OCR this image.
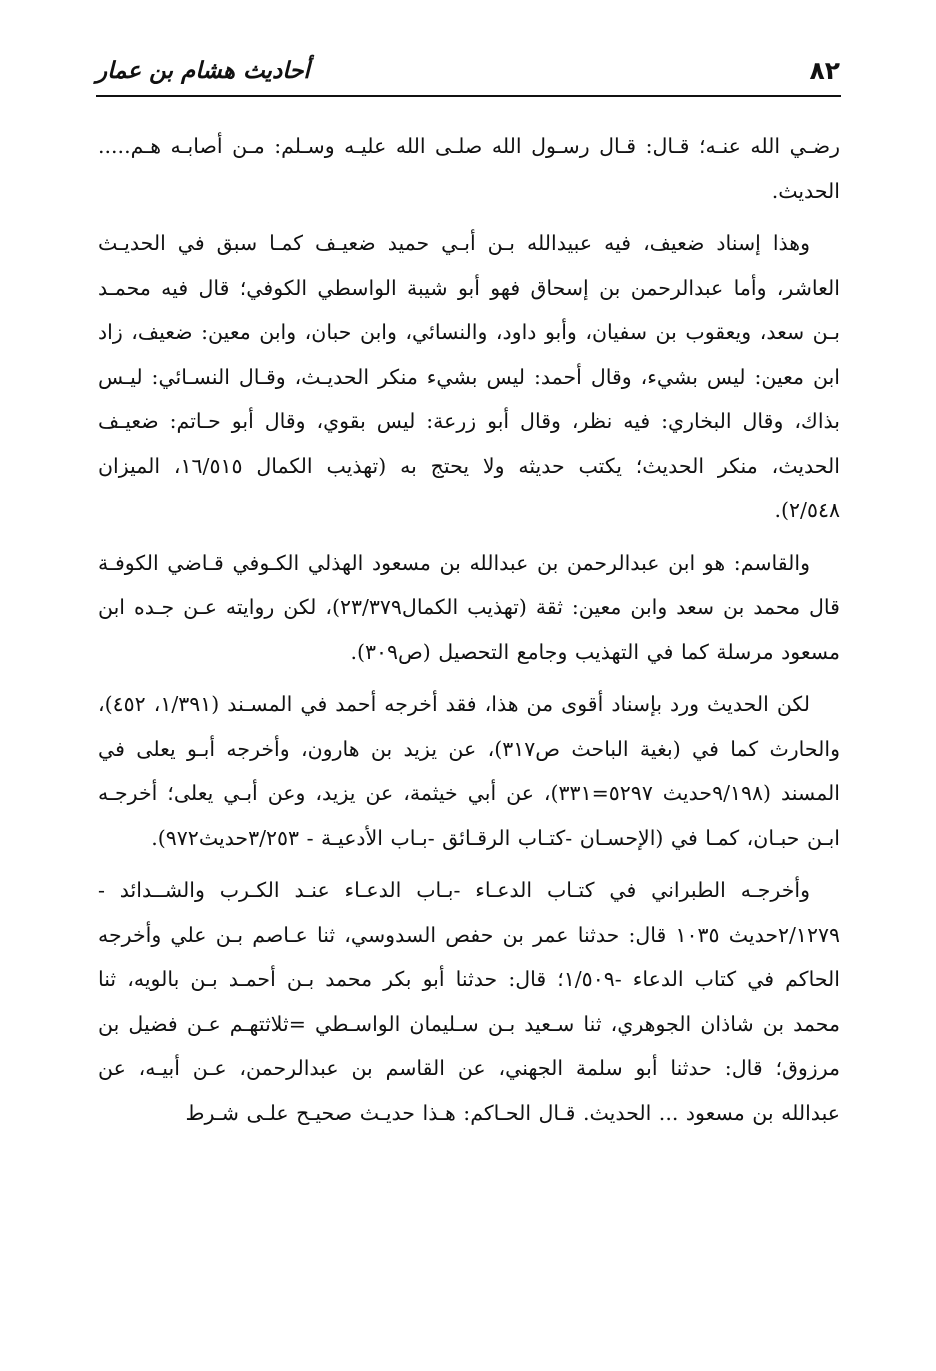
٨٢
أحاديث هشام بن عمار

رضـي الله عنـه؛ قـال: قـال رسـول الله صلـى الله عليـه وسـلم: مـن أصابـه هـم..... الحديث.

وهذا إسناد ضعيف، فيه عبيدالله بـن أبـي حميد ضعيـف كمـا سبق في الحديـث العاشر، وأما عبدالرحمن بن إسحاق فهو أبو شيبة الواسطي الكوفي؛ قال فيه محمـد بـن سعد، ويعقوب بن سفيان، وأبو داود، والنسائي، وابن حبان، وابن معين: ضعيف، زاد ابن معين: ليس بشيء، وقال أحمد: ليس بشيء منكر الحديـث، وقـال النسـائي: ليـس بذاك، وقال البخاري: فيه نظر، وقال أبو زرعة: ليس بقوي، وقال أبو حـاتم: ضعيـف الحديث، منكر الحديث؛ يكتب حديثه ولا يحتج به (تهذيب الكمال ١٦/٥١٥، الميزان ٢/٥٤٨).

والقاسم: هو ابن عبدالرحمن بن عبدالله بن مسعود الهذلي الكـوفي قـاضي الكوفـة قال محمد بن سعد وابن معين: ثقة (تهذيب الكمال٢٣/٣٧٩)، لكن روايته عـن جـده ابن مسعود مرسلة كما في التهذيب وجامع التحصيل (ص٣٠٩).

لكن الحديث ورد بإسناد أقوى من هذا، فقد أخرجه أحمد في المسـند (١/٣٩١، ٤٥٢)، والحارث كما في (بغية الباحث ص٣١٧)، عن يزيد بن هارون، وأخرجه أبـو يعلى في المسند (٩/١٩٨حديث ٥٢٩٧=٣٣١)، عن أبي خيثمة، عن يزيد، وعن أبـي يعلى؛ أخرجـه ابـن حبـان، كمـا في (الإحسـان -كتـاب الرقـائق -بـاب الأدعيـة - ٣/٢٥٣حديث٩٧٢).

وأخرجـه الطبراني في كتـاب الدعـاء -بـاب الدعـاء عنـد الكـرب والشــدائد - ٢/١٢٧٩حديث ١٠٣٥ قال: حدثنا عمر بن حفص السدوسي، ثنا عـاصم بـن علي وأخرجه الحاكم في كتاب الدعاء -١/٥٠٩؛ قال: حدثنا أبو بكر محمد بـن أحمـد بـن بالويه، ثنا محمد بن شاذان الجوهري، ثنا سـعيد بـن سـليمان الواسـطي =ثلاثتهـم عـن فضيل بن مرزوق؛ قال: حدثنا أبو سلمة الجهني، عن القاسم بن عبدالرحمن، عـن أبيـه، عن عبدالله بن مسعود ... الحديث. قـال الحـاكم: هـذا حديـث صحيـح علـى شـرط
